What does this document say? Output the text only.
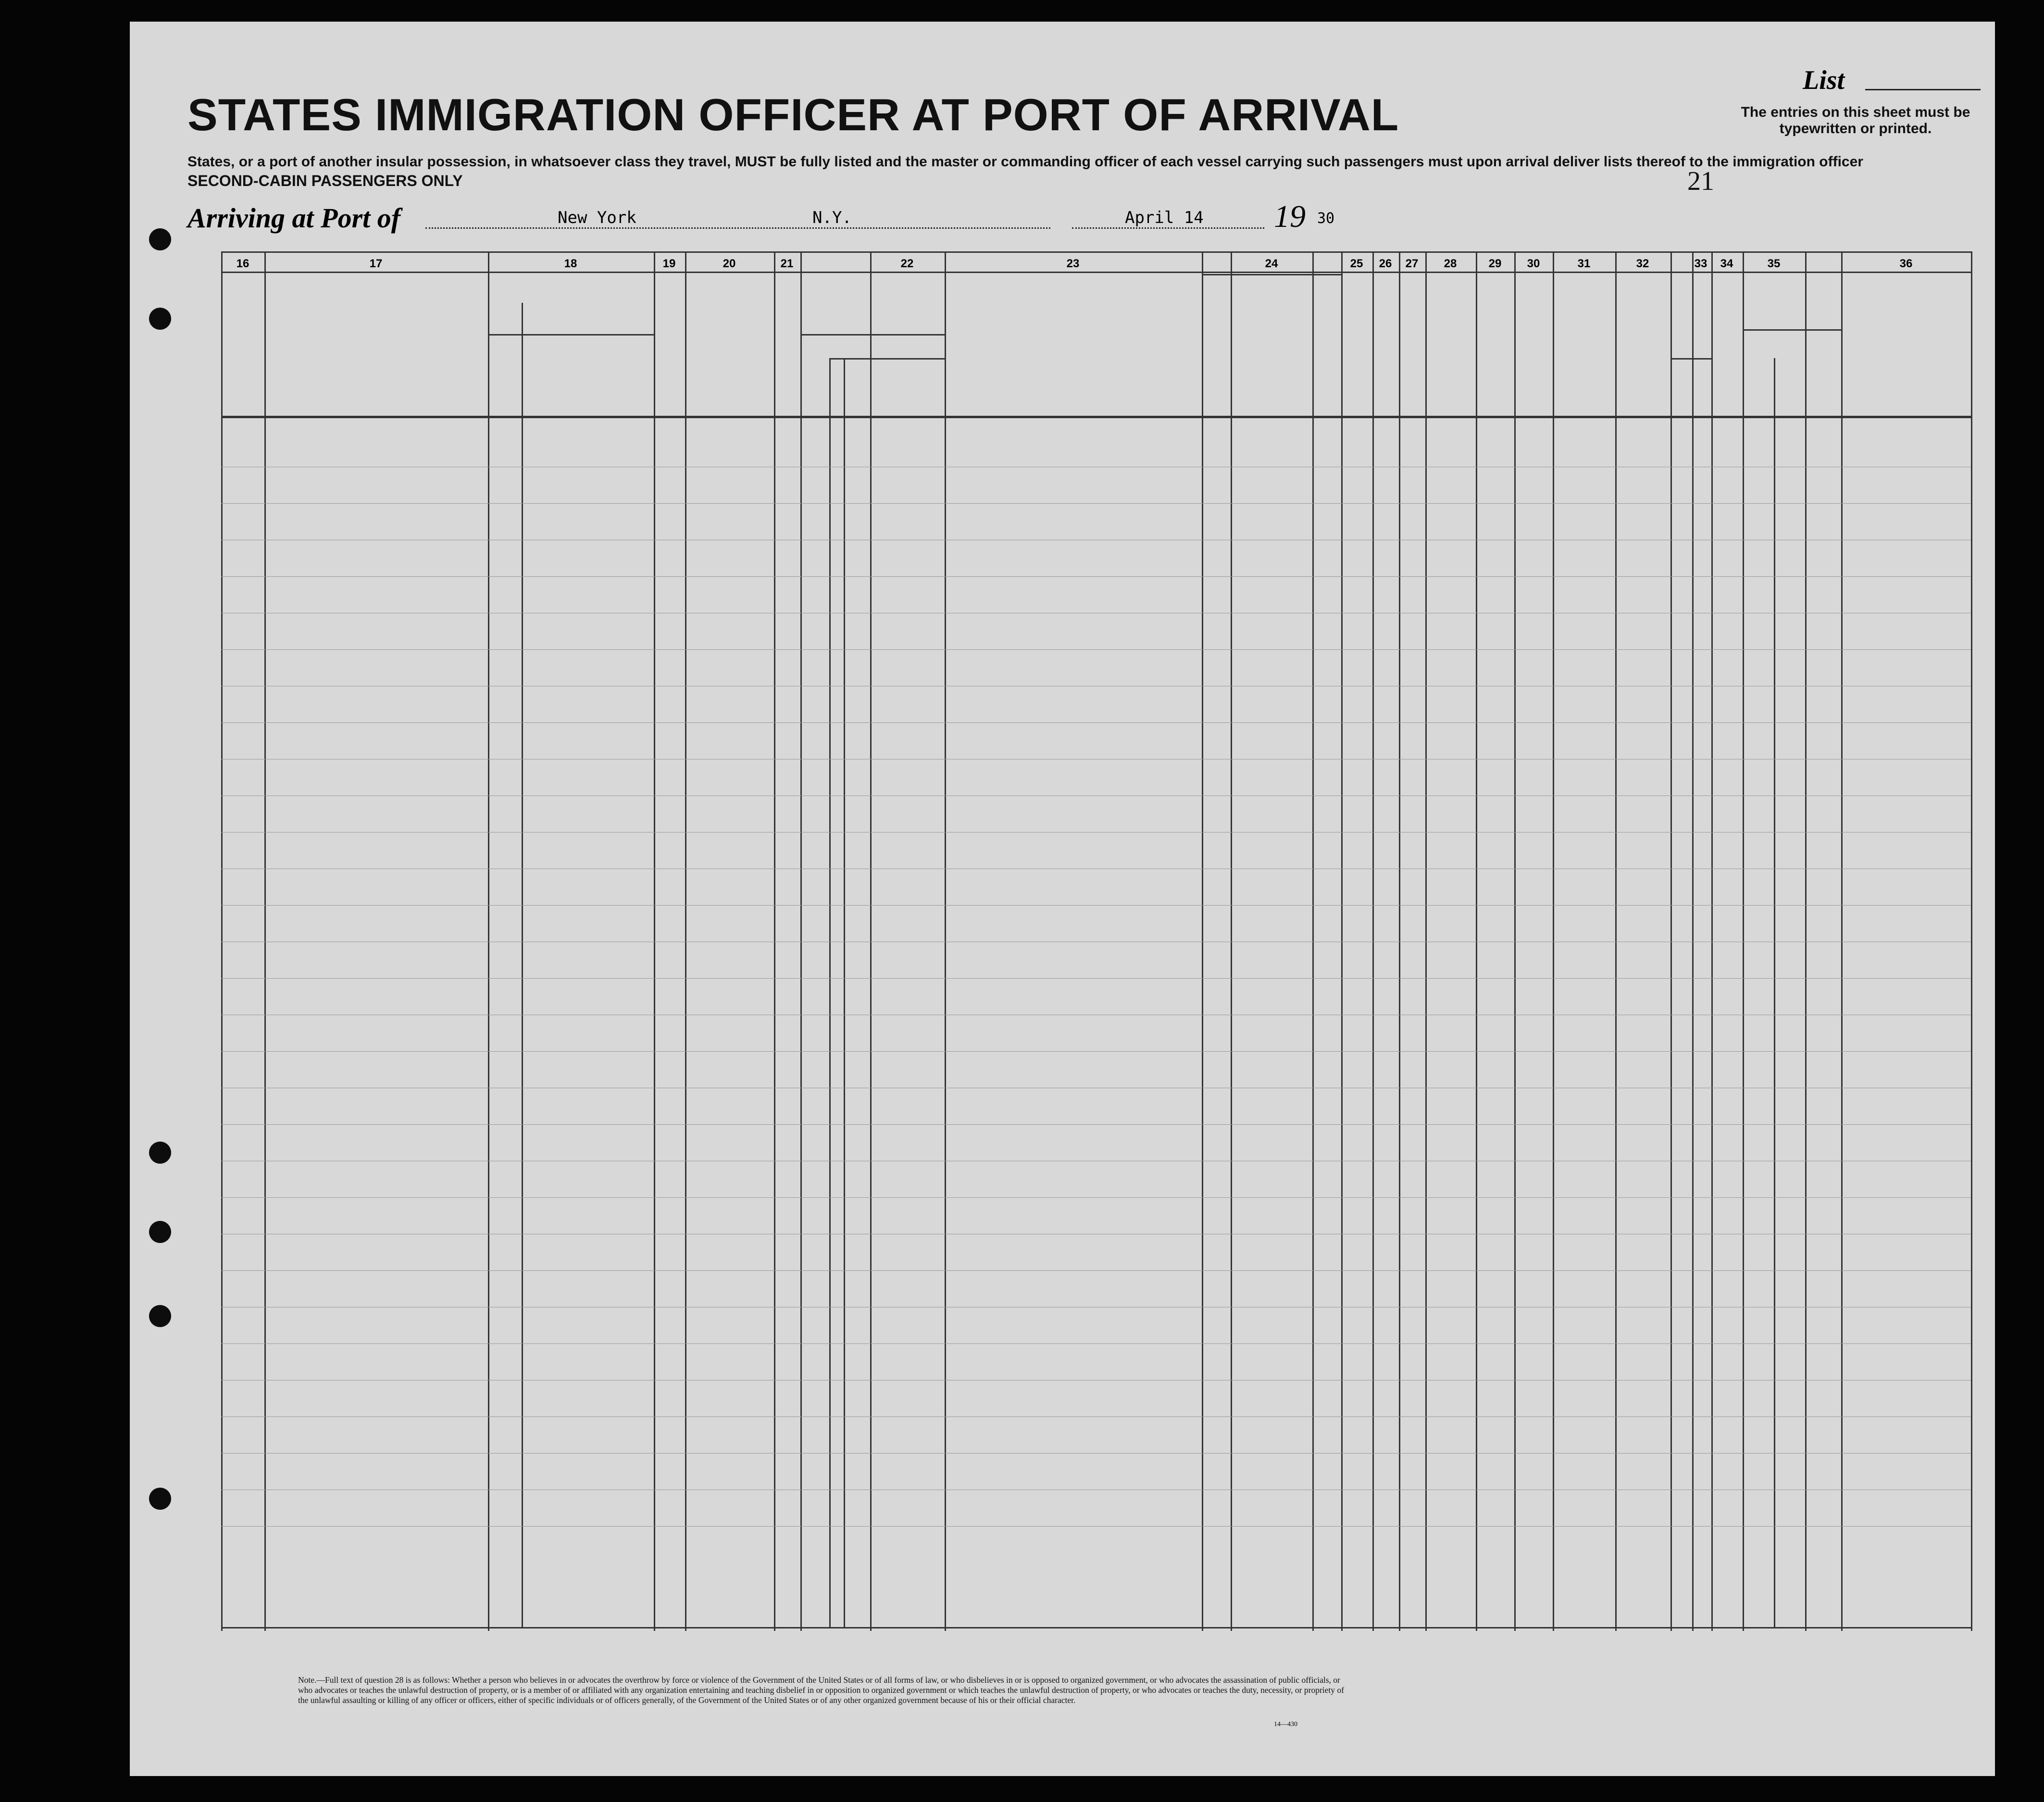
STATES IMMIGRATION OFFICER AT PORT OF ARRIVAL
States, or a port of another insular possession, in whatsoever class they travel, MUST be fully listed and the master or commanding officer of each vessel carrying such passengers must upon arrival deliver lists thereof to the immigration officer
SECOND-CABIN PASSENGERS ONLY
List
The entries on this sheet must be typewritten or printed.
21
Arriving at Port of	New York	N.Y.	April 14 19 30
16	17	18	19	20	21	22	23	24	25	26	27	28	29	30	31	32	33	34	35	36
Note.—Full text of question 28 is as follows: Whether a person who believes in or advocates the overthrow by force or violence of the Government of the United States or of all forms of law, or who disbelieves in or is opposed to organized government, or who advocates the assassination of public officials, or who advocates or teaches the unlawful destruction of property, or is a member of or affiliated with any organization entertaining and teaching disbelief in or opposition to organized government or which teaches the unlawful destruction of property, or who advocates or teaches the duty, necessity, or propriety of the unlawful assaulting or killing of any officer or officers, either of specific individuals or of officers generally, of the Government of the United States or of any other organized government because of his or their official character.
14—430
